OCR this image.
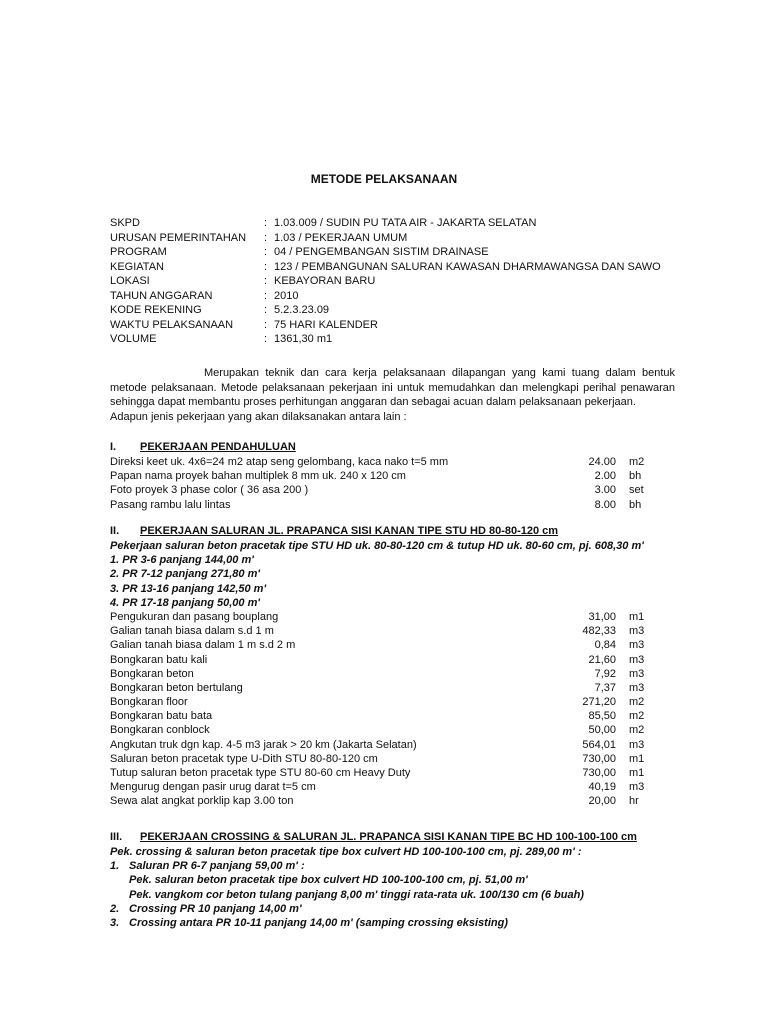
METODE PELAKSANAAN
SKPD	: 1.03.009 / SUDIN PU TATA AIR - JAKARTA SELATAN
URUSAN PEMERINTAHAN : 1.03 / PEKERJAAN UMUM
PROGRAM	: 04 / PENGEMBANGAN SISTIM DRAINASE
KEGIATAN	: 123 / PEMBANGUNAN SALURAN KAWASAN DHARMAWANGSA DAN SAWO
LOKASI	: KEBAYORAN BARU
TAHUN ANGGARAN	: 2010
KODE REKENING	: 5.2.3.23.09
WAKTU PELAKSANAAN	: 75 HARI KALENDER
VOLUME	: 1361,30 m1

Merupakan teknik dan cara kerja pelaksanaan dilapangan yang kami tuang dalam bentuk metode pelaksanaan. Metode pelaksanaan pekerjaan ini untuk memudahkan dan melengkapi perihal penawaran sehingga dapat membantu proses perhitungan anggaran dan sebagai acuan dalam pelaksanaan pekerjaan.

Adapun jenis pekerjaan yang akan dilaksanakan antara lain :

I. PEKERJAAN PENDAHULUAN
Direksi keet uk. 4x6=24 m2 atap seng gelombang, kaca nako t=5 mm	24.00 m2
Papan nama proyek bahan multiplek 8 mm uk. 240 x 120 cm	2.00 bh
Foto proyek 3 phase color ( 36 asa 200 )	3.00 set
Pasang rambu lalu lintas	8.00 bh
II. PEKERJAAN SALURAN JL. PRAPANCA SISI KANAN TIPE STU HD 80-80-120 cm
Pekerjaan saluran beton pracetak tipe STU HD uk. 80-80-120 cm & tutup HD uk. 80-60 cm, pj. 608,30 m'
1. PR 3-6 panjang 144,00 m'
2. PR 7-12 panjang 271,80 m'
3. PR 13-16 panjang 142,50 m'
4. PR 17-18 panjang 50,00 m'
Pengukuran dan pasang bouplang	31,00 m1
Galian tanah biasa dalam s.d 1 m	482,33 m3
Galian tanah biasa dalam 1 m s.d 2 m	0,84 m3
Bongkaran batu kali	21,60 m3
Bongkaran beton	7,92 m3
Bongkaran beton bertulang	7,37 m3
Bongkaran floor	271,20 m2
Bongkaran batu bata	85,50 m2
Bongkaran conblock	50,00 m2
Angkutan truk dgn kap. 4-5 m3 jarak > 20 km (Jakarta Selatan)	564,01 m3
Saluran beton pracetak type U-Dith STU 80-80-120 cm	730,00 m1
Tutup saluran beton pracetak type STU 80-60 cm Heavy Duty	730,00 m1
Mengurug dengan pasir urug darat t=5 cm	40,19 m3
Sewa alat angkat porklip kap 3.00 ton	20,00 hr
III. PEKERJAAN CROSSING & SALURAN JL. PRAPANCA SISI KANAN TIPE BC HD 100-100-100 cm
Pek. crossing & saluran beton pracetak tipe box culvert HD 100-100-100 cm, pj. 289,00 m' :
1. Saluran PR 6-7 panjang 59,00 m' :
Pek. saluran beton pracetak tipe box culvert HD 100-100-100 cm, pj. 51,00 m'
Pek. vangkom cor beton tulang panjang 8,00 m' tinggi rata-rata uk. 100/130 cm (6 buah)
2. Crossing PR 10 panjang 14,00 m'
3. Crossing antara PR 10-11 panjang 14,00 m' (samping crossing eksisting)
